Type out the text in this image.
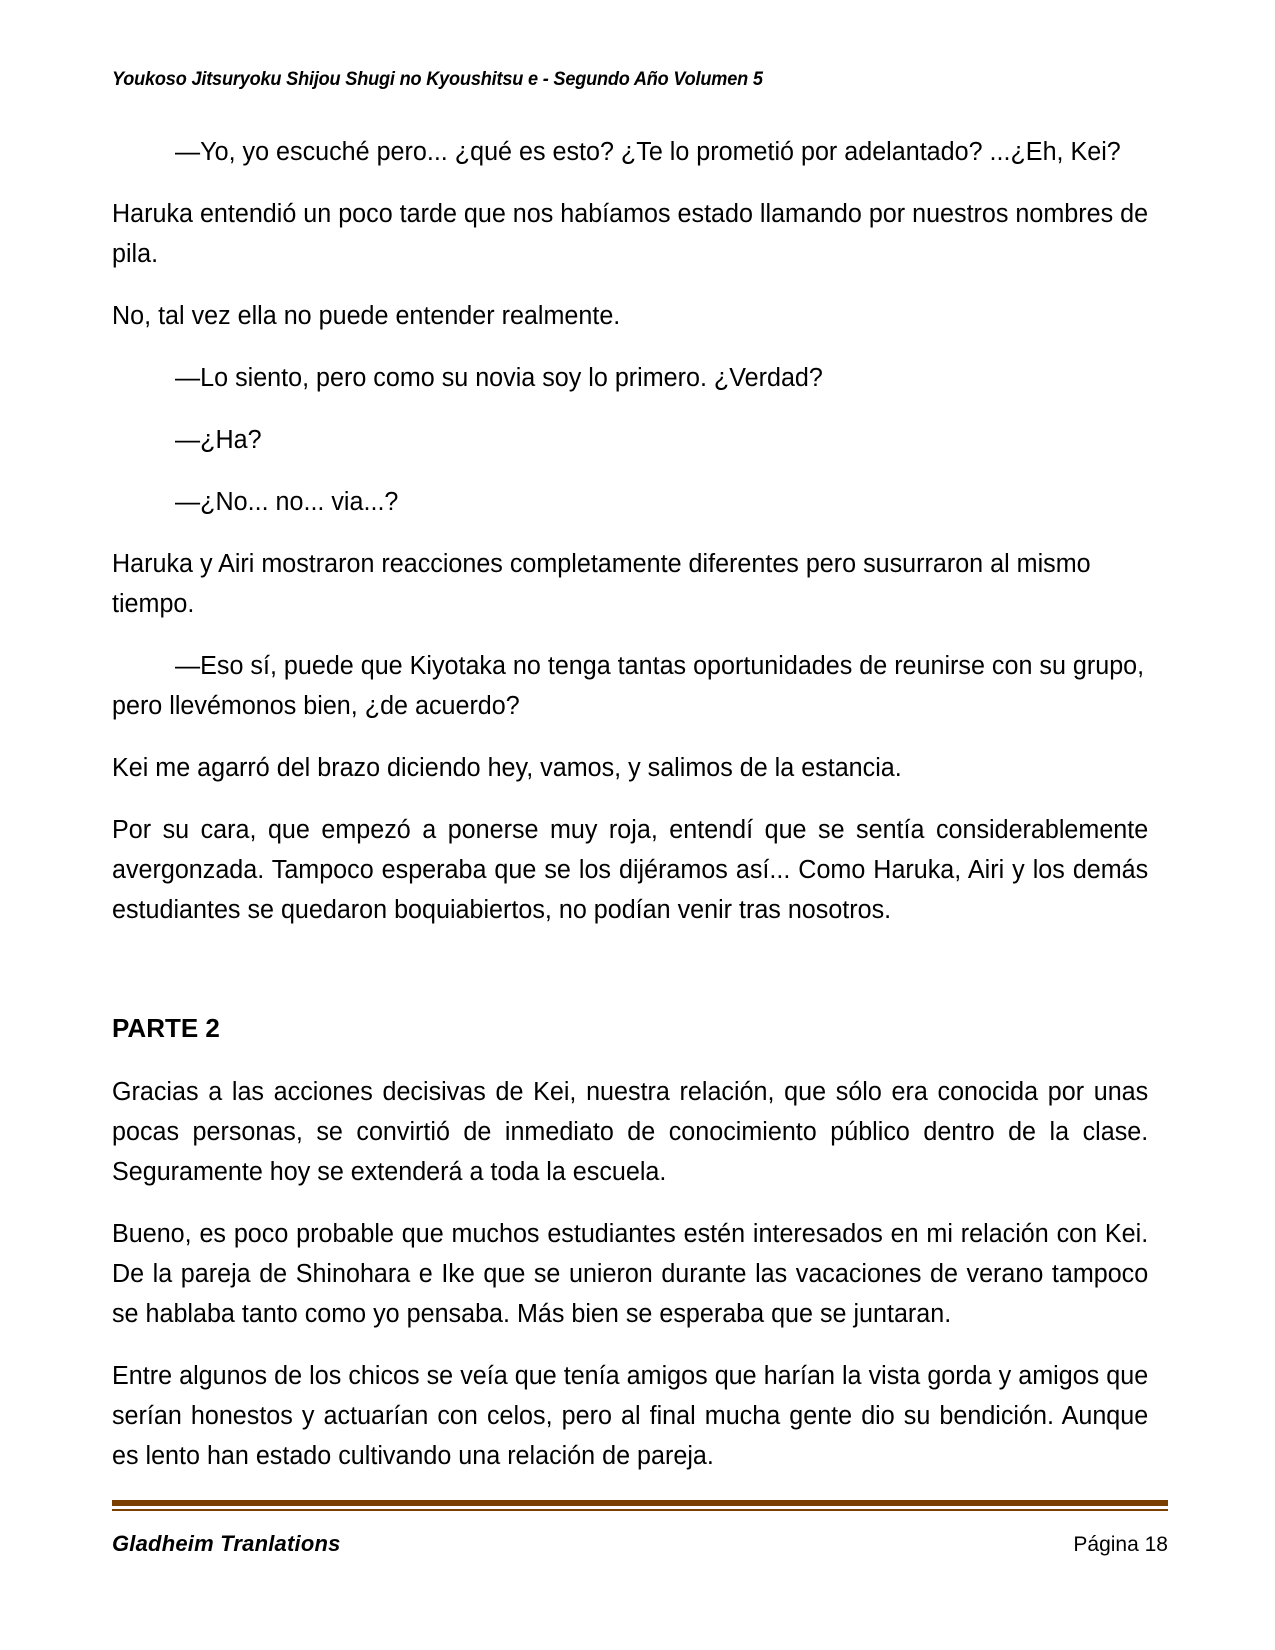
Youkoso Jitsuryoku Shijou Shugi no Kyoushitsu e - Segundo Año Volumen 5

—Yo, yo escuché pero... ¿qué es esto? ¿Te lo prometió por adelantado? ...¿Eh, Kei?

Haruka entendió un poco tarde que nos habíamos estado llamando por nuestros nombres de pila.

No, tal vez ella no puede entender realmente.

—Lo siento, pero como su novia soy lo primero. ¿Verdad?

—¿Ha?

—¿No... no... via...?

Haruka y Airi mostraron reacciones completamente diferentes pero susurraron al mismo tiempo.

—Eso sí, puede que Kiyotaka no tenga tantas oportunidades de reunirse con su grupo, pero llevémonos bien, ¿de acuerdo?

Kei me agarró del brazo diciendo hey, vamos, y salimos de la estancia.

Por su cara, que empezó a ponerse muy roja, entendí que se sentía considerablemente avergonzada. Tampoco esperaba que se los dijéramos así... Como Haruka, Airi y los demás estudiantes se quedaron boquiabiertos, no podían venir tras nosotros.

PARTE 2

Gracias a las acciones decisivas de Kei, nuestra relación, que sólo era conocida por unas pocas personas, se convirtió de inmediato de conocimiento público dentro de la clase. Seguramente hoy se extenderá a toda la escuela.

Bueno, es poco probable que muchos estudiantes estén interesados en mi relación con Kei. De la pareja de Shinohara e Ike que se unieron durante las vacaciones de verano tampoco se hablaba tanto como yo pensaba. Más bien se esperaba que se juntaran.

Entre algunos de los chicos se veía que tenía amigos que harían la vista gorda y amigos que serían honestos y actuarían con celos, pero al final mucha gente dio su bendición. Aunque es lento han estado cultivando una relación de pareja.

Gladheim Tranlations	Página 18
